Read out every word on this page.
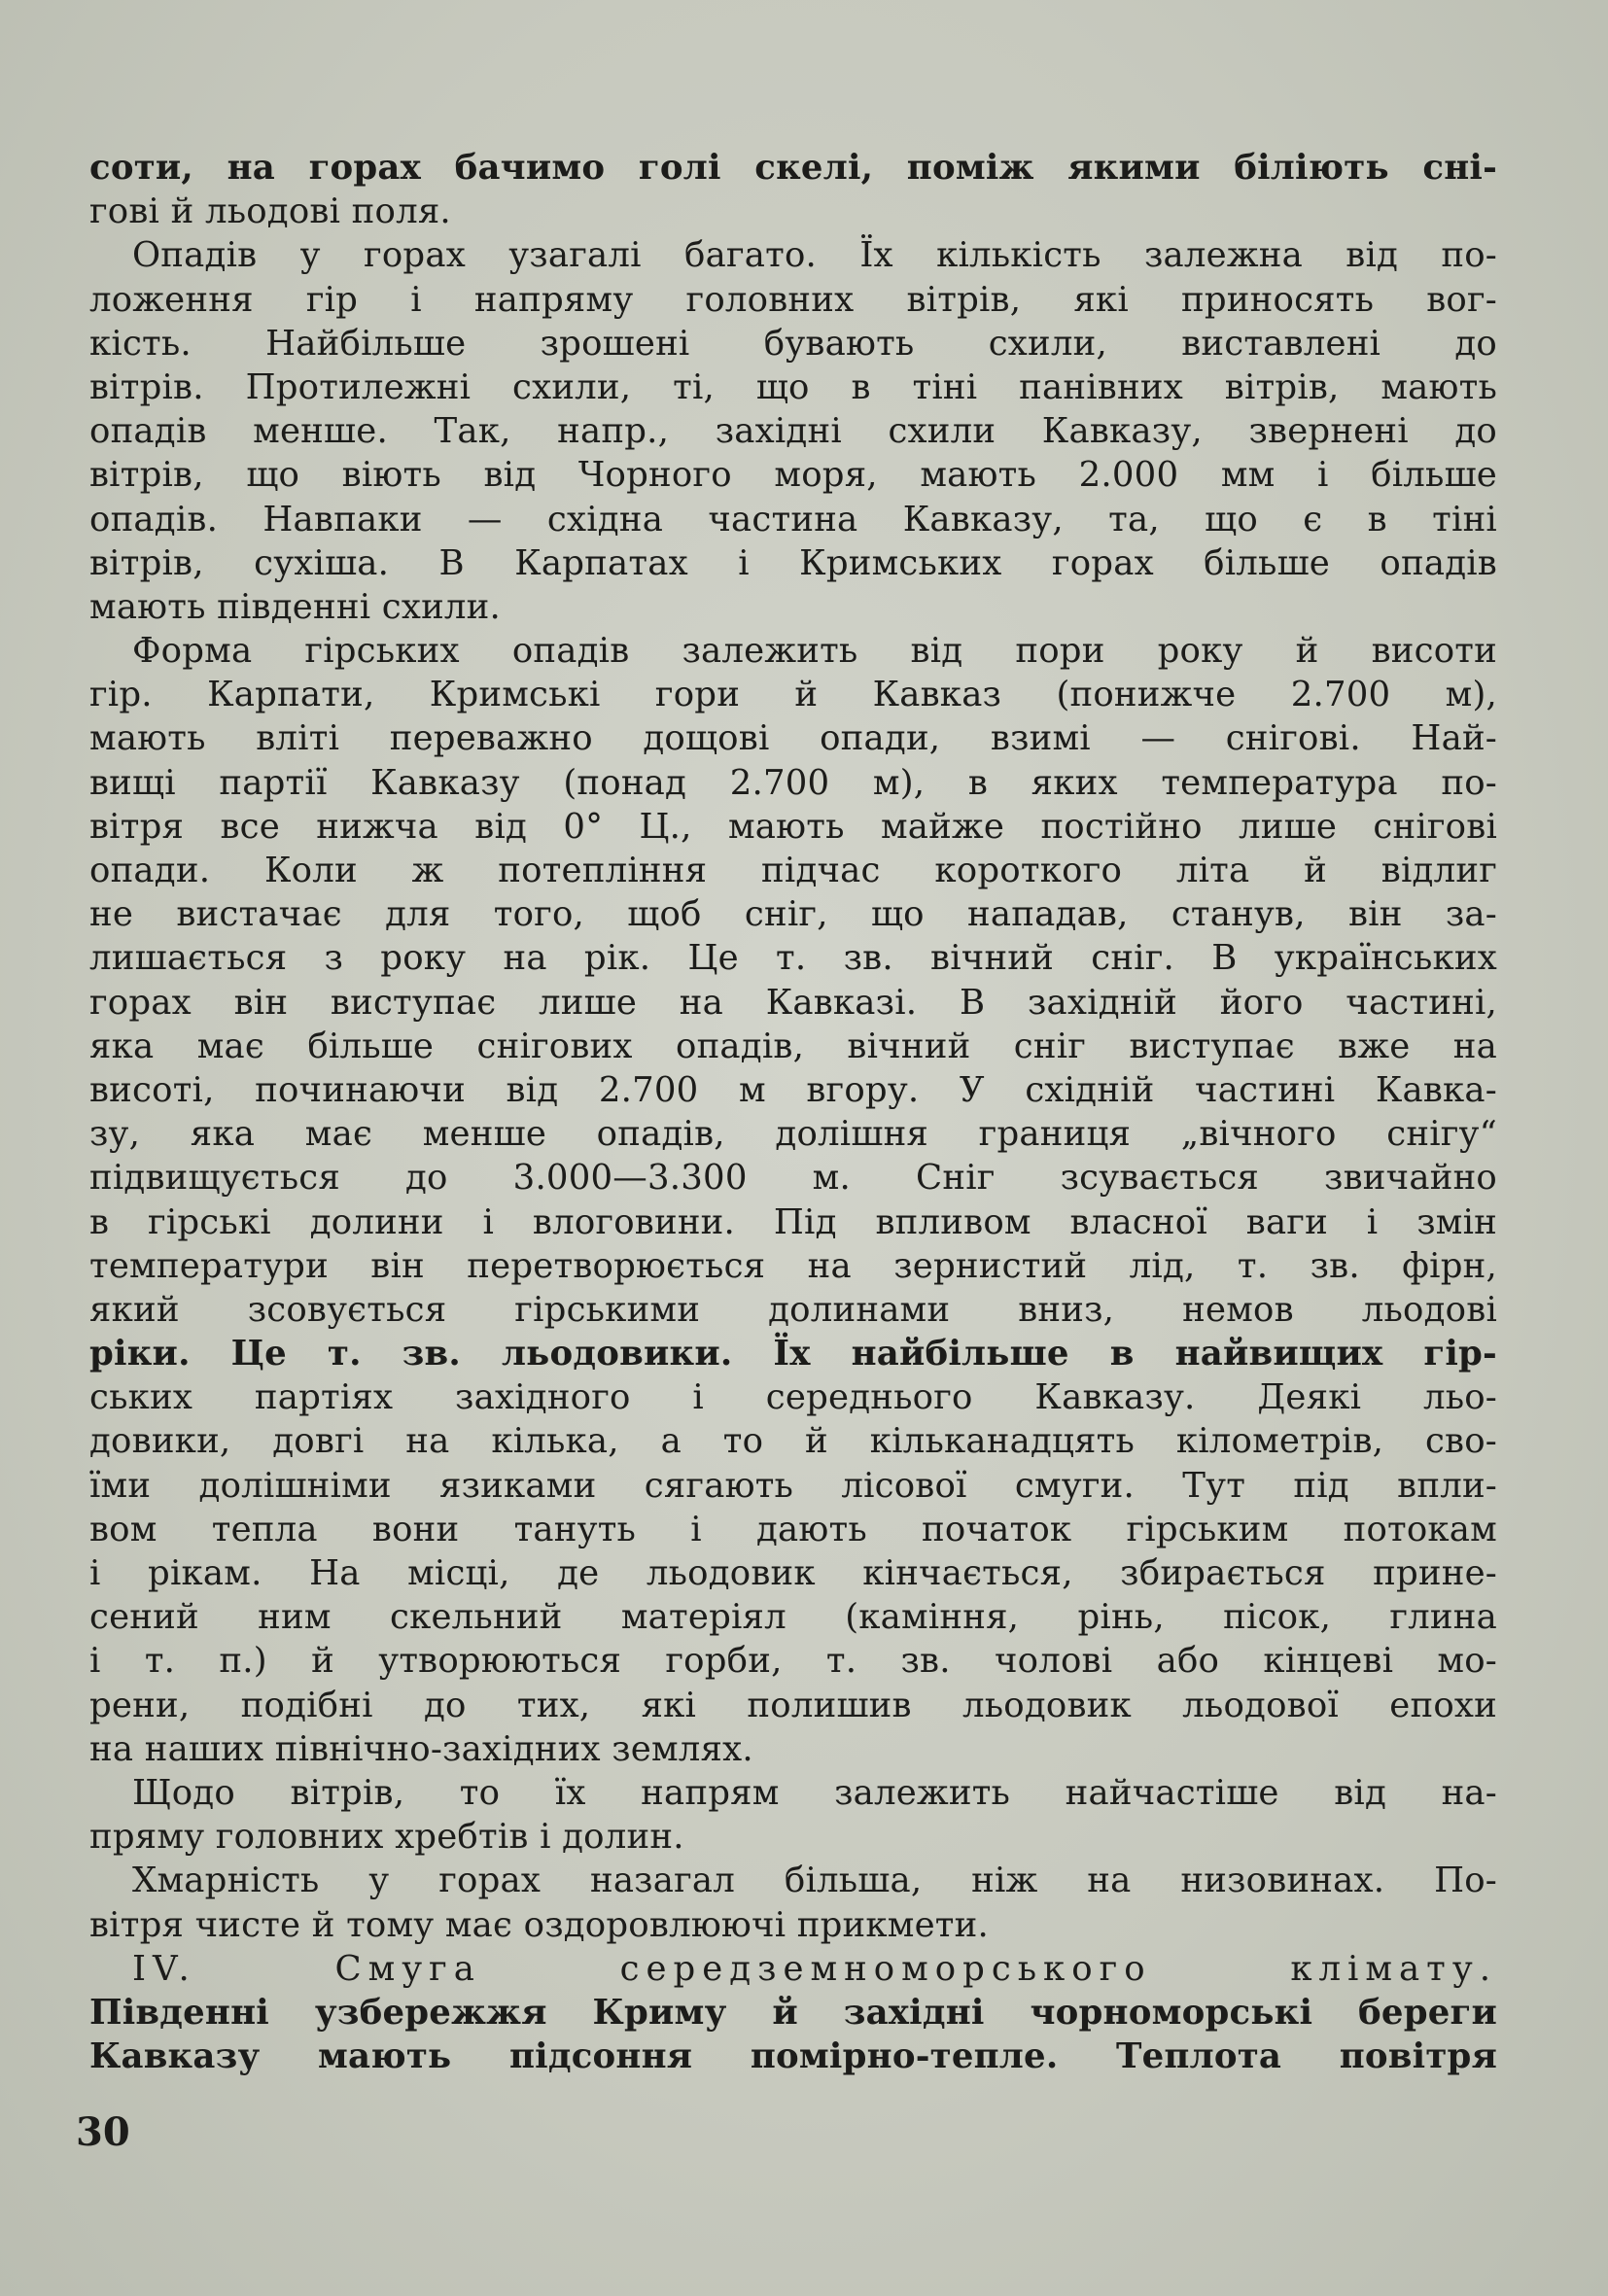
сoти, на горах бачимо голі скелі, поміж якими біліють сні-
гові й льодові поля.
Опадів у горах узагалі багато. Їх кількість залежна від по-
ложення гір і напряму головних вітрів, які приносять вог-
кість. Найбільше зрошені бувають схили, виставлені до
вітрів. Протилежні схили, ті, що в тіні панівних вітрів, мають
опадів менше. Так, напр., західні схили Кавказу, звернені до
вітрів, що віють від Чорного моря, мають 2.000 мм і більше
опадів. Навпаки — східна частина Кавказу, та, що є в тіні
вітрів, сухіша. В Карпатах і Кримських горах більше опадів
мають південні схили.
Форма гірських опадів залежить від пори року й висоти
гір. Карпати, Кримські гори й Кавказ (понижче 2.700 м),
мають вліті переважно дощові опади, взимі — снігові. Най-
вищі партії Кавказу (понад 2.700 м), в яких температура по-
вітря все нижча від 0° Ц., мають майже постійно лише снігові
опади. Коли ж потепління підчас короткого літа й відлиг
не вистачає для того, щоб сніг, що нападав, станув, він за-
лишається з року на рік. Це т. зв. вічний сніг. В українських
горах він виступає лише на Кавказі. В західній його частині,
яка має більше снігових опадів, вічний сніг виступає вже на
висоті, починаючи від 2.700 м вгору. У східній частині Кавка-
зу, яка має менше опадів, долішня границя „вічного снігу“
підвищується до 3.000—3.300 м. Сніг зсувається звичайно
в гірські долини і влоговини. Під впливом власної ваги і змін
температури він перетворюється на зернистий лід, т. зв. фірн,
який зсовується гірськими долинами вниз, немов льодові
ріки. Це т. зв. льодовики. Їх найбільше в найвищих гір-
ських партіях західного і середнього Кавказу. Деякі льо-
довики, довгі на кілька, а то й кільканадцять кілометрів, сво-
їми долішніми язиками сягають лісової смуги. Тут під впли-
вом тепла вони тануть і дають початок гірським потокам
і рікам. На місці, де льодовик кінчається, збирається прине-
сений ним скельний матеріял (каміння, рінь, пісок, глина
і т. п.) й утворюються горби, т. зв. чолові або кінцеві мо-
рени, подібні до тих, які полишив льодовик льодової епохи
на наших північно-західних землях.
Щодо вітрів, то їх напрям залежить найчастіше від на-
пряму головних хребтів і долин.
Хмарність у горах назагал більша, ніж на низовинах. По-
вітря чисте й тому має оздоровлюючі прикмети.
IV. Смуга середземноморського клімату.
Південні узбережжя Криму й західні чорноморські береги
Кавказу мають підсоння помірно-тепле. Теплота повітря
30
